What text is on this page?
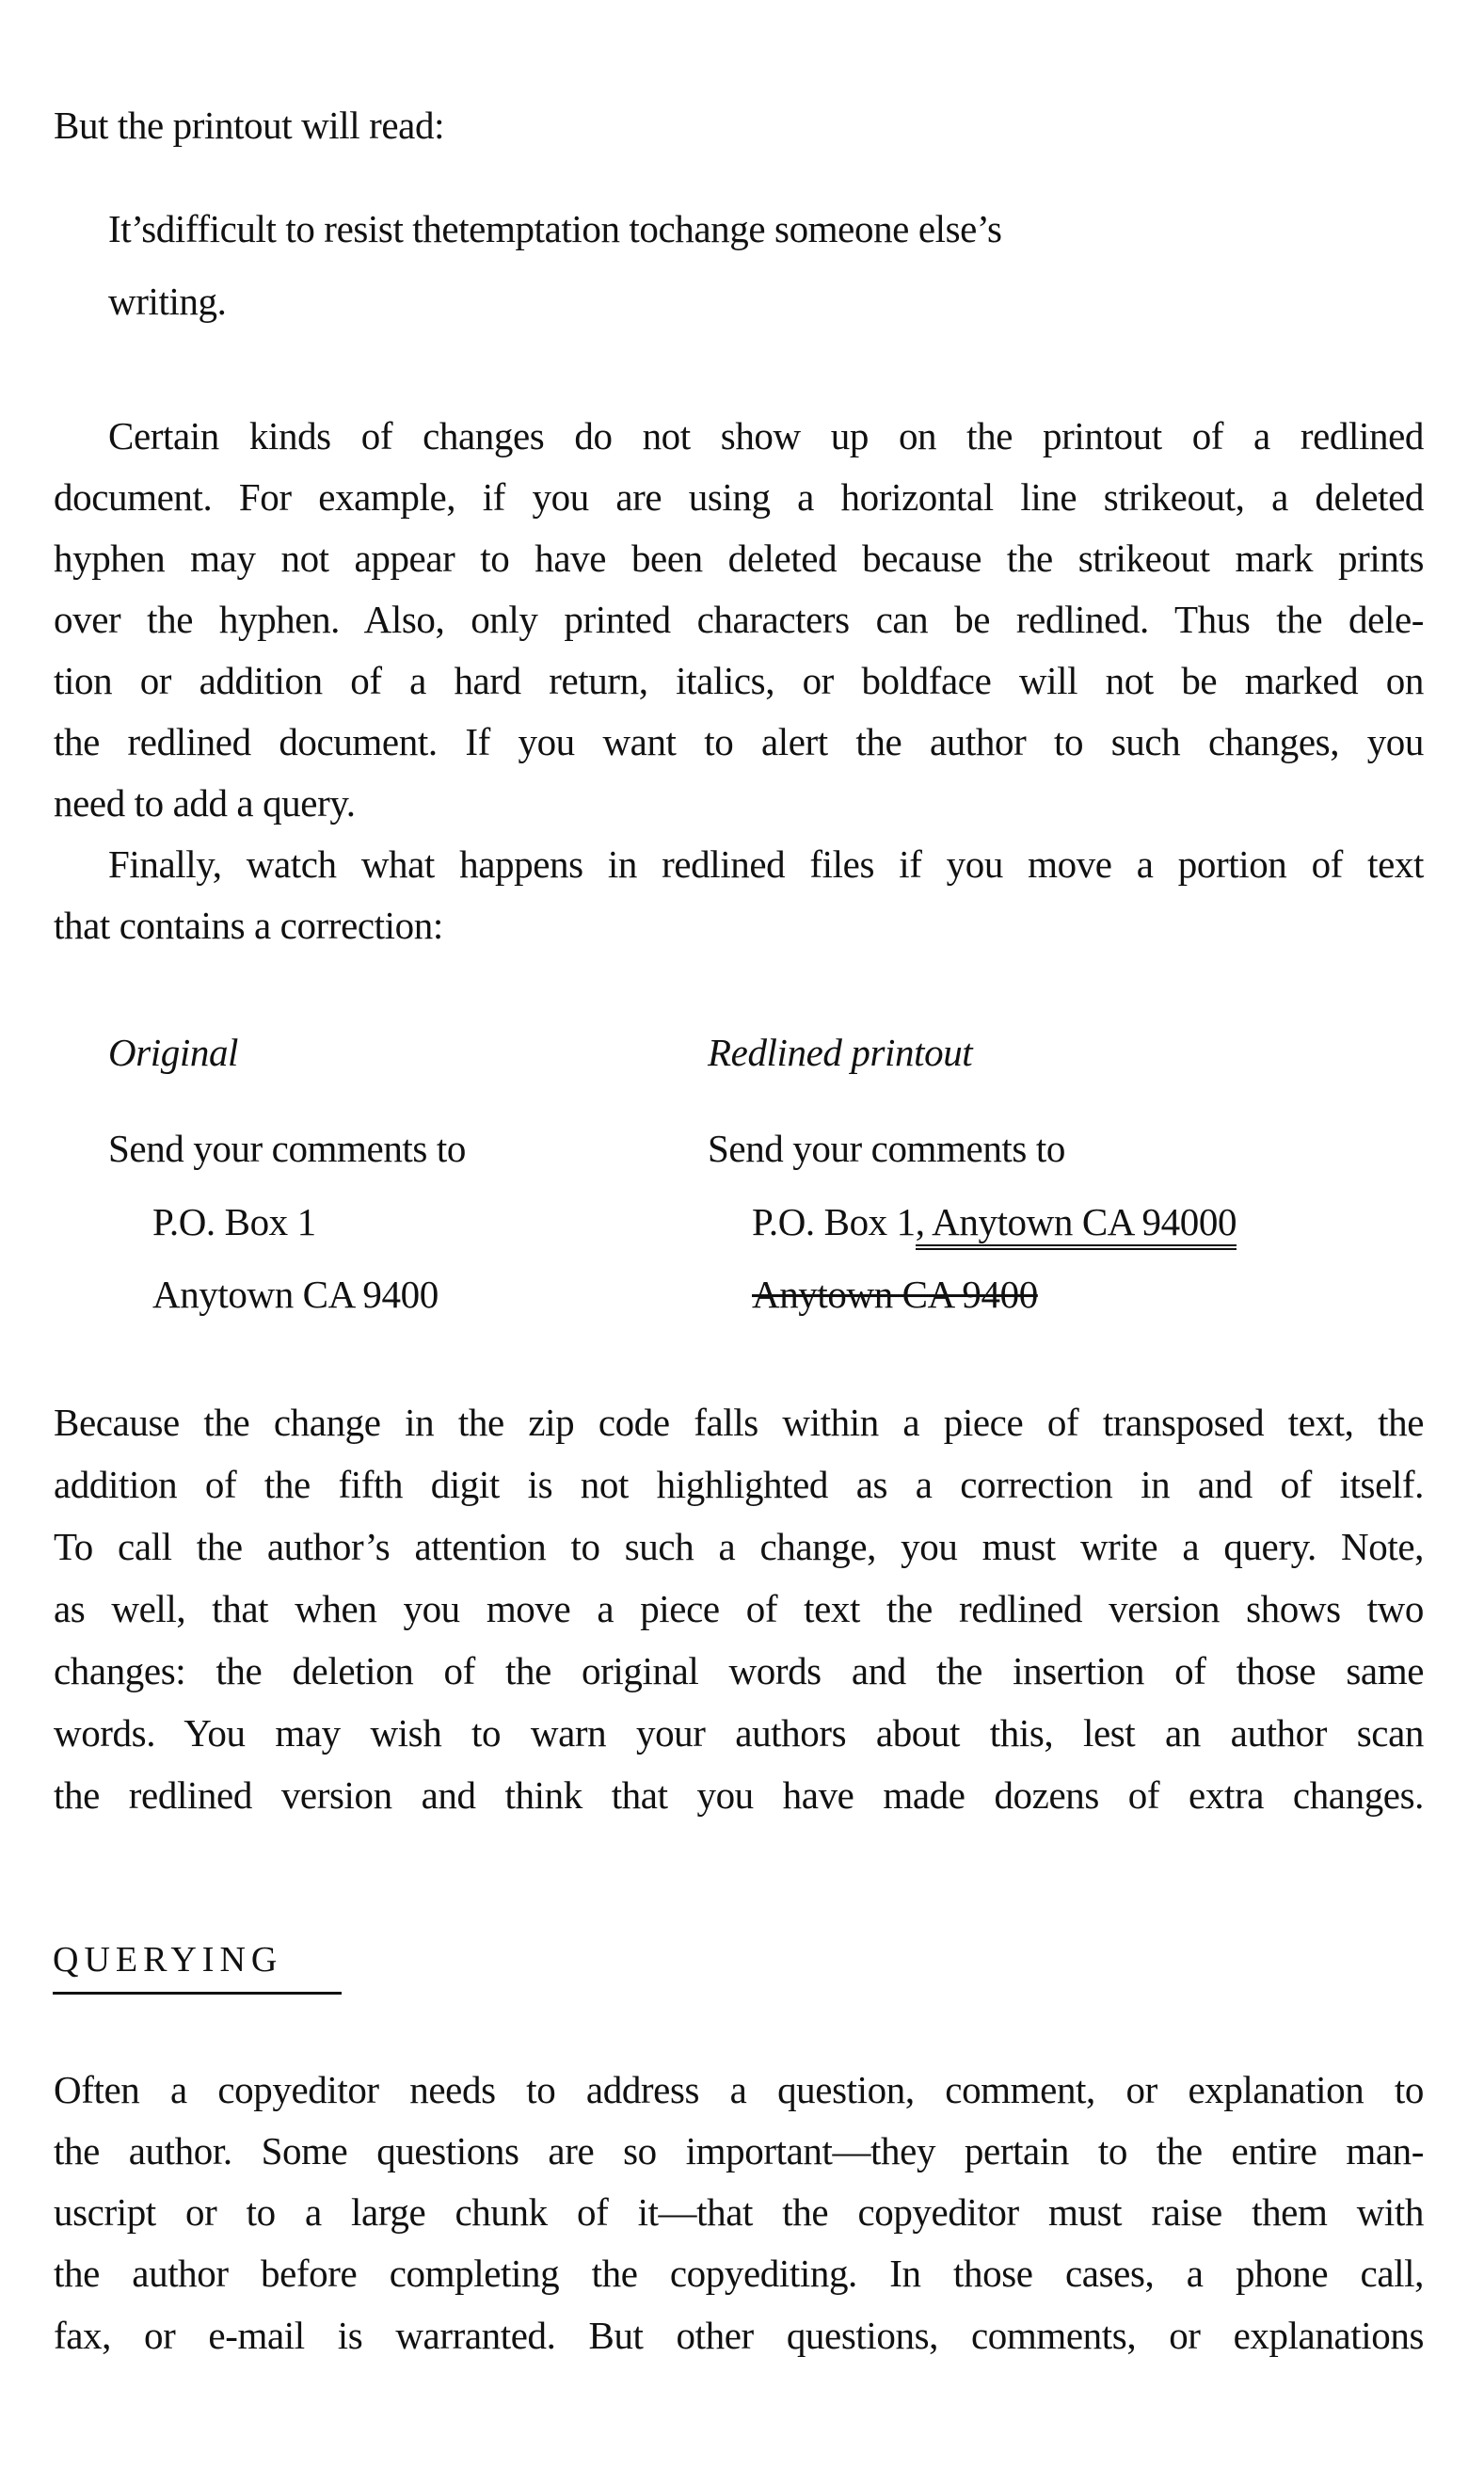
But the printout will read:
It’sdifficult to resist thetemptation tochange someone else’s
writing.
Certain kinds of changes do not show up on the printout of a redlined
document. For example, if you are using a horizontal line strikeout, a deleted
hyphen may not appear to have been deleted because the strikeout mark prints
over the hyphen. Also, only printed characters can be redlined. Thus the dele-
tion or addition of a hard return, italics, or boldface will not be marked on
the redlined document. If you want to alert the author to such changes, you
need to add a query.
Finally, watch what happens in redlined files if you move a portion of text
that contains a correction:
Original
Send your comments to
P.O. Box 1
Anytown CA 9400
Redlined printout
Send your comments to
P.O. Box 1, Anytown CA 94000
Anytown CA 9400
Because the change in the zip code falls within a piece of transposed text, the
addition of the fifth digit is not highlighted as a correction in and of itself.
To call the author’s attention to such a change, you must write a query. Note,
as well, that when you move a piece of text the redlined version shows two
changes: the deletion of the original words and the insertion of those same
words. You may wish to warn your authors about this, lest an author scan
the redlined version and think that you have made dozens of extra changes.
QUERYING
Often a copyeditor needs to address a question, comment, or explanation to
the author. Some questions are so important—they pertain to the entire man-
uscript or to a large chunk of it—that the copyeditor must raise them with
the author before completing the copyediting. In those cases, a phone call,
fax, or e-mail is warranted. But other questions, comments, or explanations
